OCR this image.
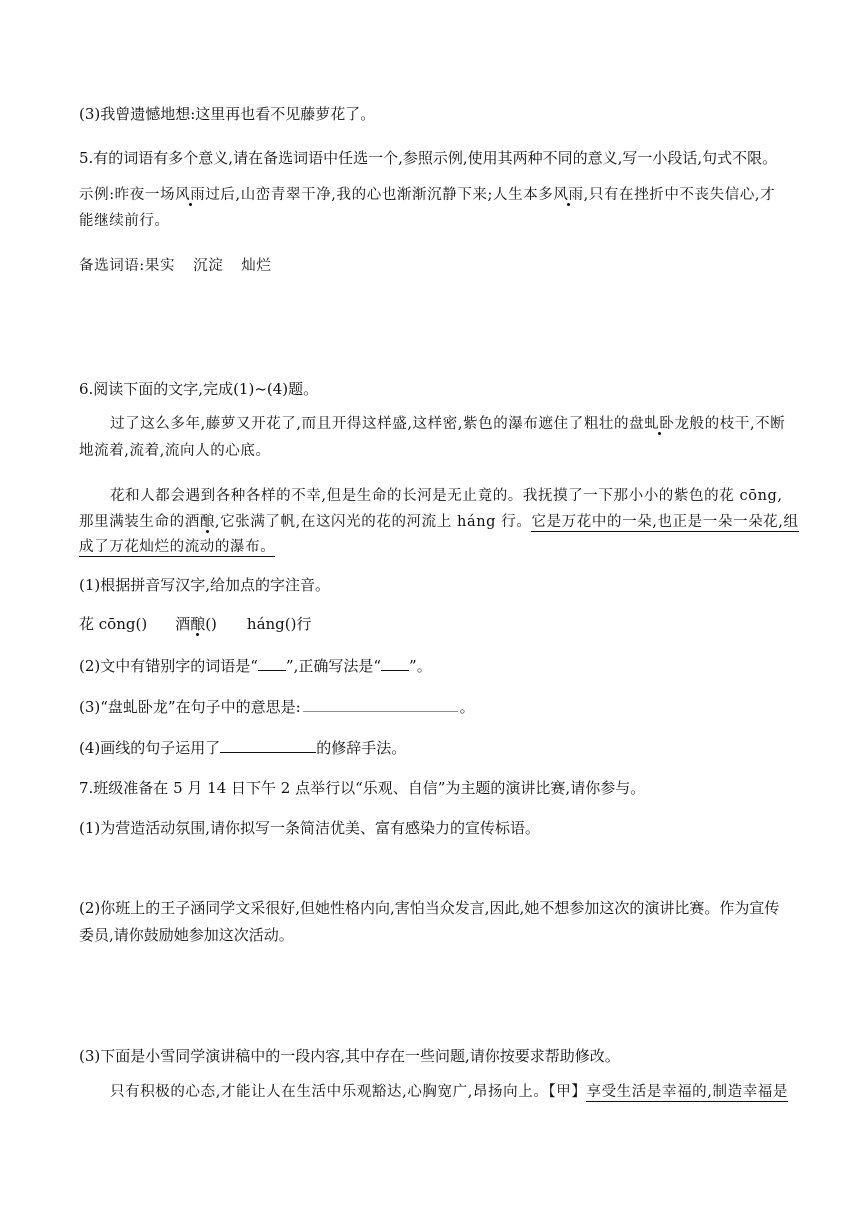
(3)我曾遗憾地想:这里再也看不见藤萝花了。
5.有的词语有多个意义,请在备选词语中任选一个,参照示例,使用其两种不同的意义,写一小段话,句式不限。
示例:昨夜一场风雨过后,山峦青翠干净,我的心也渐渐沉静下来;人生本多风雨,只有在挫折中不丧失信心,才
能继续前行。
备选词语:果实 沉淀 灿烂
6.阅读下面的文字,完成(1)~(4)题。
过了这么多年,藤萝又开花了,而且开得这样盛,这样密,紫色的瀑布遮住了粗壮的盘虬卧龙般的枝干,不断
地流着,流着,流向人的心底。
花和人都会遇到各种各样的不幸,但是生命的长河是无止竟的。我抚摸了一下那小小的紫色的花 cōng,
那里满装生命的酒酿,它张满了帆,在这闪光的花的河流上 háng 行。它是万花中的一朵,也正是一朵一朵花,组
成了万花灿烂的流动的瀑布。
(1)根据拼音写汉字,给加点的字注音。
花 cōng() 酒酿() háng()行
(2)文中有错别字的词语是“ ”,正确写法是“ ”。
(3)“盘虬卧龙”在句子中的意思是:	。
(4)画线的句子运用了	的修辞手法。
7.班级准备在 5 月 14 日下午 2 点举行以“乐观、自信”为主题的演讲比赛,请你参与。
(1)为营造活动氛围,请你拟写一条简洁优美、富有感染力的宣传标语。
(2)你班上的王子涵同学文采很好,但她性格内向,害怕当众发言,因此,她不想参加这次的演讲比赛。作为宣传
委员,请你鼓励她参加这次活动。
(3)下面是小雪同学演讲稿中的一段内容,其中存在一些问题,请你按要求帮助修改。
只有积极的心态,才能让人在生活中乐观豁达,心胸宽广,昂扬向上。【甲】享受生活是幸福的,制造幸福是
